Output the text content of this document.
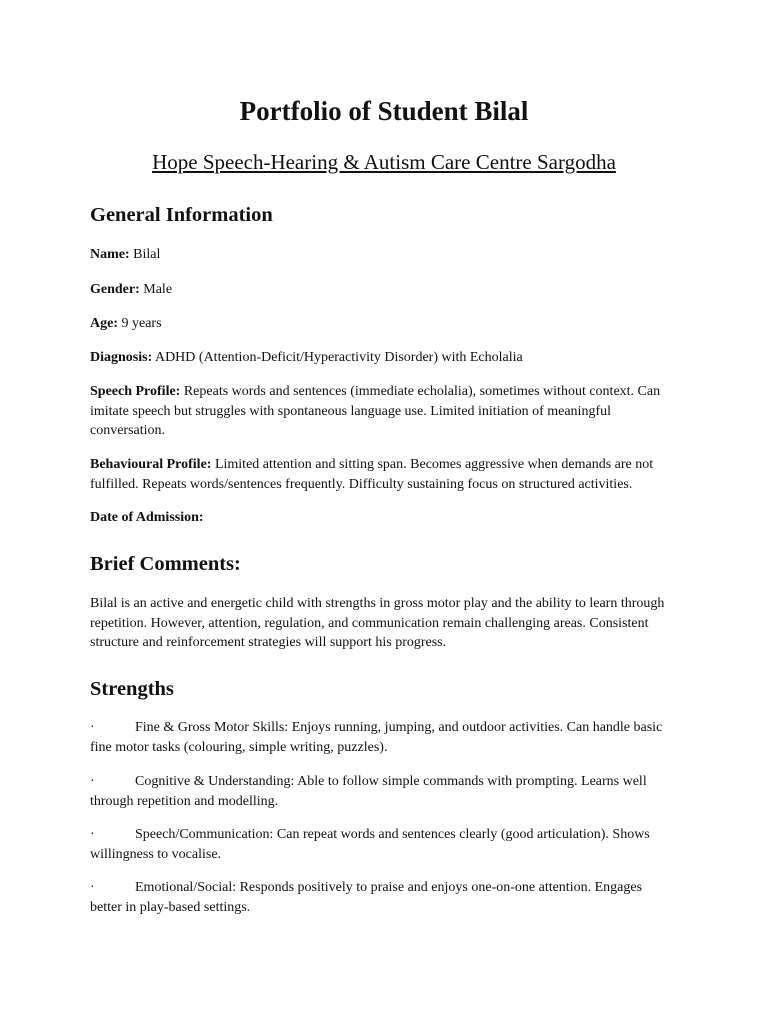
Portfolio of Student Bilal
Hope Speech-Hearing & Autism Care Centre Sargodha
General Information

Name: Bilal

Gender: Male

Age: 9 years

Diagnosis: ADHD (Attention-Deficit/Hyperactivity Disorder) with Echolalia

Speech Profile: Repeats words and sentences (immediate echolalia), sometimes without context. Can imitate speech but struggles with spontaneous language use. Limited initiation of meaningful conversation.

Behavioural Profile: Limited attention and sitting span. Becomes aggressive when demands are not fulfilled. Repeats words/sentences frequently. Difficulty sustaining focus on structured activities.

Date of Admission:

Brief Comments:

Bilal is an active and energetic child with strengths in gross motor play and the ability to learn through repetition. However, attention, regulation, and communication remain challenging areas. Consistent structure and reinforcement strategies will support his progress.

Strengths

·	Fine & Gross Motor Skills: Enjoys running, jumping, and outdoor activities. Can handle basic fine motor tasks (colouring, simple writing, puzzles).

·	Cognitive & Understanding: Able to follow simple commands with prompting. Learns well through repetition and modelling.

·	Speech/Communication: Can repeat words and sentences clearly (good articulation). Shows willingness to vocalise.

·	Emotional/Social: Responds positively to praise and enjoys one-on-one attention. Engages better in play-based settings.
